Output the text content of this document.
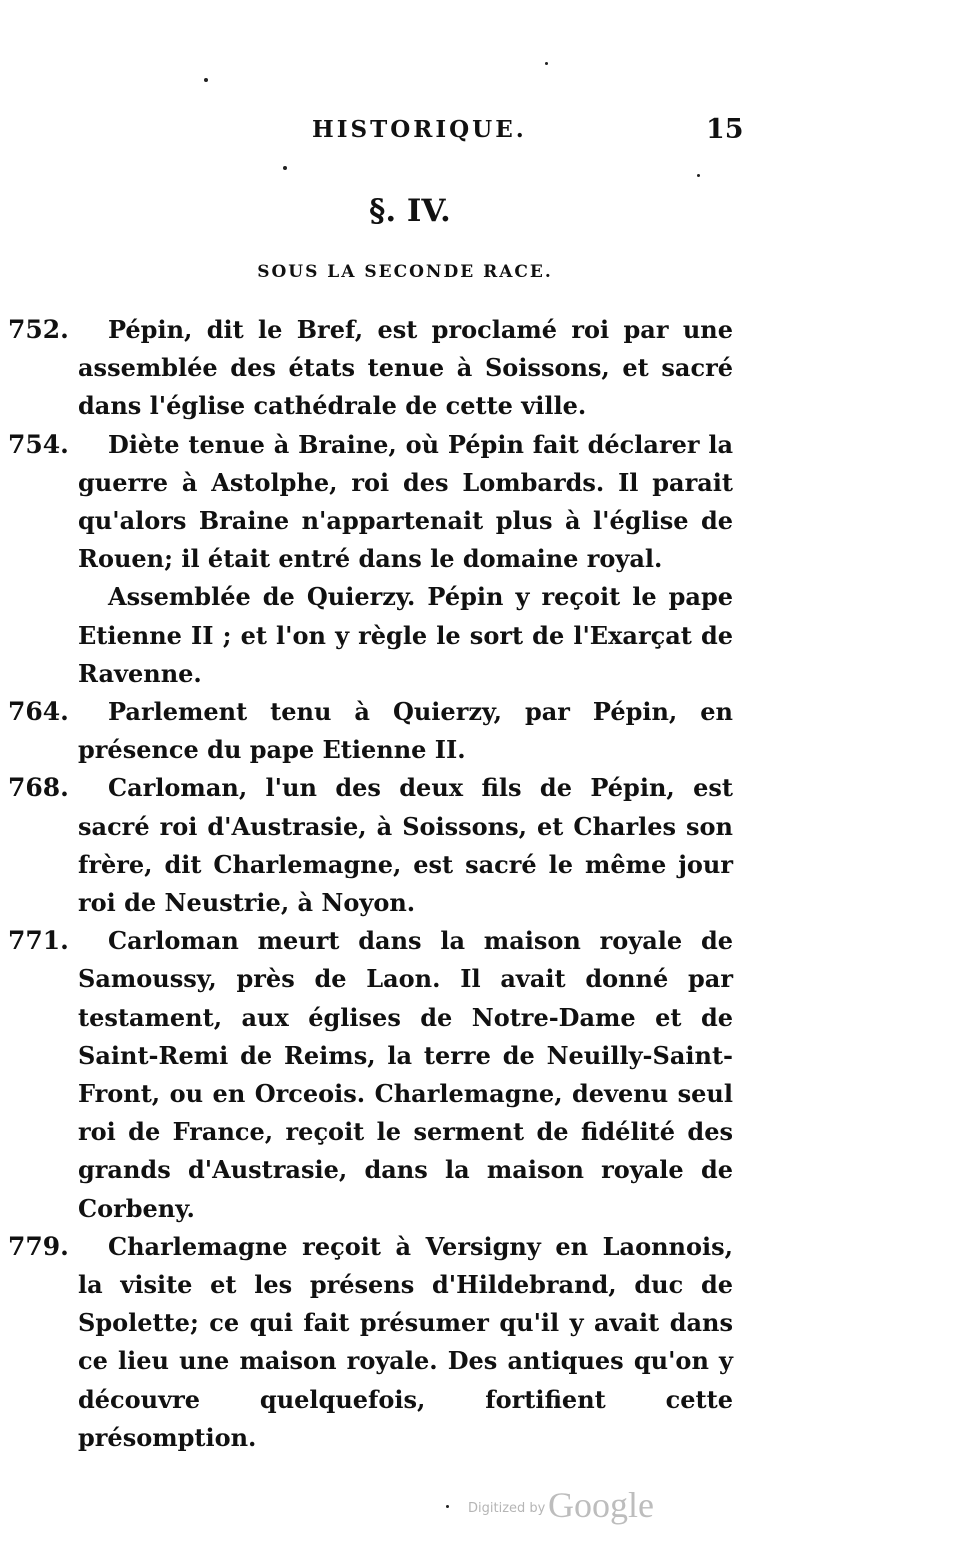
HISTORIQUE.	15
§. IV.
SOUS LA SECONDE RACE.
752.	Pépin, dit le Bref, est proclamé roi par une assemblée des états tenue à Soissons, et sacré dans l'église cathédrale de cette ville.

754.	Diète tenue à Braine, où Pépin fait déclarer la guerre à Astolphe, roi des Lombards. Il parait qu'alors Braine n'appartenait plus à l'église de Rouen; il était entré dans le domaine royal.

Assemblée de Quierzy. Pépin y reçoit le pape Etienne II ; et l'on y règle le sort de l'Exarçat de Ravenne.

764.	Parlement tenu à Quierzy, par Pépin, en présence du pape Etienne II.

768.	Carloman, l'un des deux fils de Pépin, est sacré roi d'Austrasie, à Soissons, et Charles son frère, dit Charlemagne, est sacré le même jour roi de Neustrie, à Noyon.

771.	Carloman meurt dans la maison royale de Samoussy, près de Laon. Il avait donné par testament, aux églises de Notre-Dame et de Saint-Remi de Reims, la terre de Neuilly-Saint-Front, ou en Orceois. Charlemagne, devenu seul roi de France, reçoit le serment de fidélité des grands d'Austrasie, dans la maison royale de Corbeny.

779.	Charlemagne reçoit à Versigny en Laonnois, la visite et les présens d'Hildebrand, duc de Spolette; ce qui fait présumer qu'il y avait dans ce lieu une maison royale. Des antiques qu'on y découvre quelquefois, fortifient cette présomption.

Digitized by Google
